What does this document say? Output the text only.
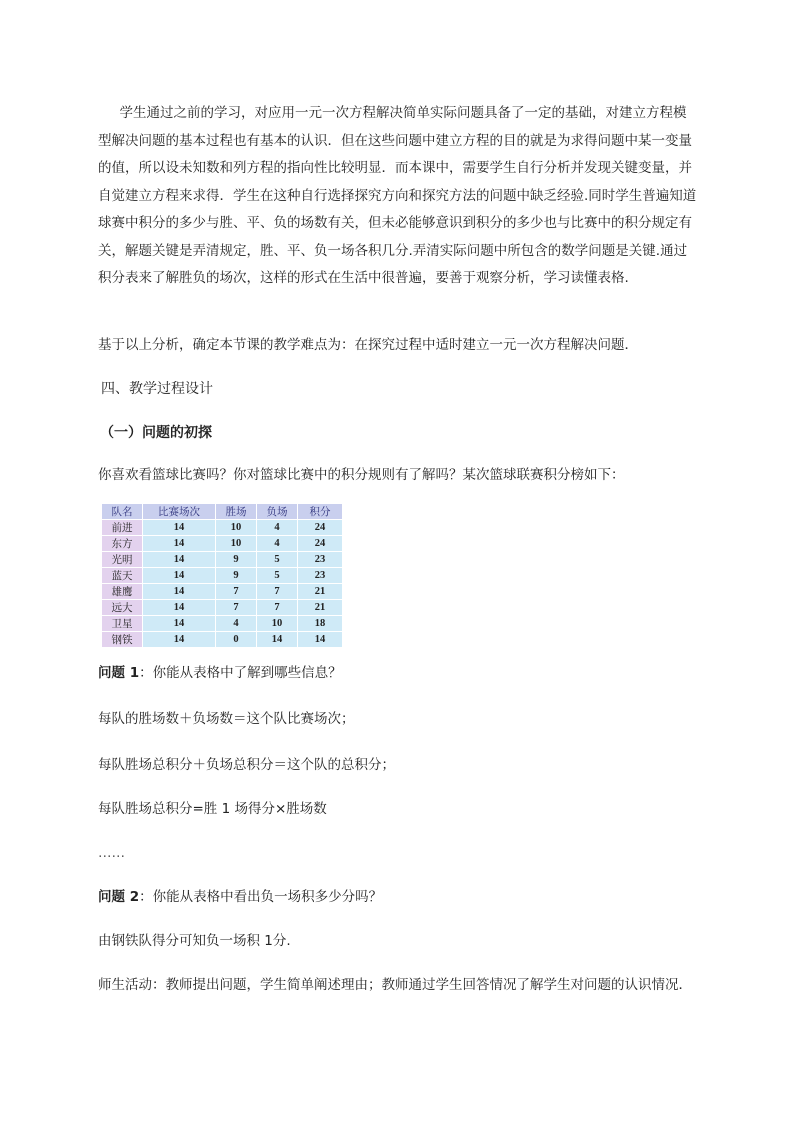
学生通过之前的学习，对应用一元一次方程解决简单实际问题具备了一定的基础，对建立方程模型解决问题的基本过程也有基本的认识．但在这些问题中建立方程的目的就是为求得问题中某一变量的值，所以设未知数和列方程的指向性比较明显．而本课中，需要学生自行分析并发现关键变量，并自觉建立方程来求得．学生在这种自行选择探究方向和探究方法的问题中缺乏经验.同时学生普遍知道球赛中积分的多少与胜、平、负的场数有关，但未必能够意识到积分的多少也与比赛中的积分规定有关，解题关键是弄清规定，胜、平、负一场各积几分.弄清实际问题中所包含的数学问题是关键.通过积分表来了解胜负的场次，这样的形式在生活中很普遍，要善于观察分析，学习读懂表格.

基于以上分析，确定本节课的教学难点为：在探究过程中适时建立一元一次方程解决问题．

四、教学过程设计

（一）问题的初探

你喜欢看篮球比赛吗？你对篮球比赛中的积分规则有了解吗？某次篮球联赛积分榜如下：

队名	比赛场次	胜场	负场	积分
前进	14	10	4	24
东方	14	10	4	24
光明	14	9	5	23
蓝天	14	9	5	23
雄鹰	14	7	7	21
远大	14	7	7	21
卫星	14	4	10	18
钢铁	14	0	14	14

问题 1：你能从表格中了解到哪些信息？

每队的胜场数＋负场数＝这个队比赛场次；

每队胜场总积分＋负场总积分＝这个队的总积分；

每队胜场总积分=胜 1 场得分×胜场数

……

问题 2：你能从表格中看出负一场积多少分吗？

由钢铁队得分可知负一场积 1分.

师生活动：教师提出问题，学生简单阐述理由；教师通过学生回答情况了解学生对问题的认识情况．
